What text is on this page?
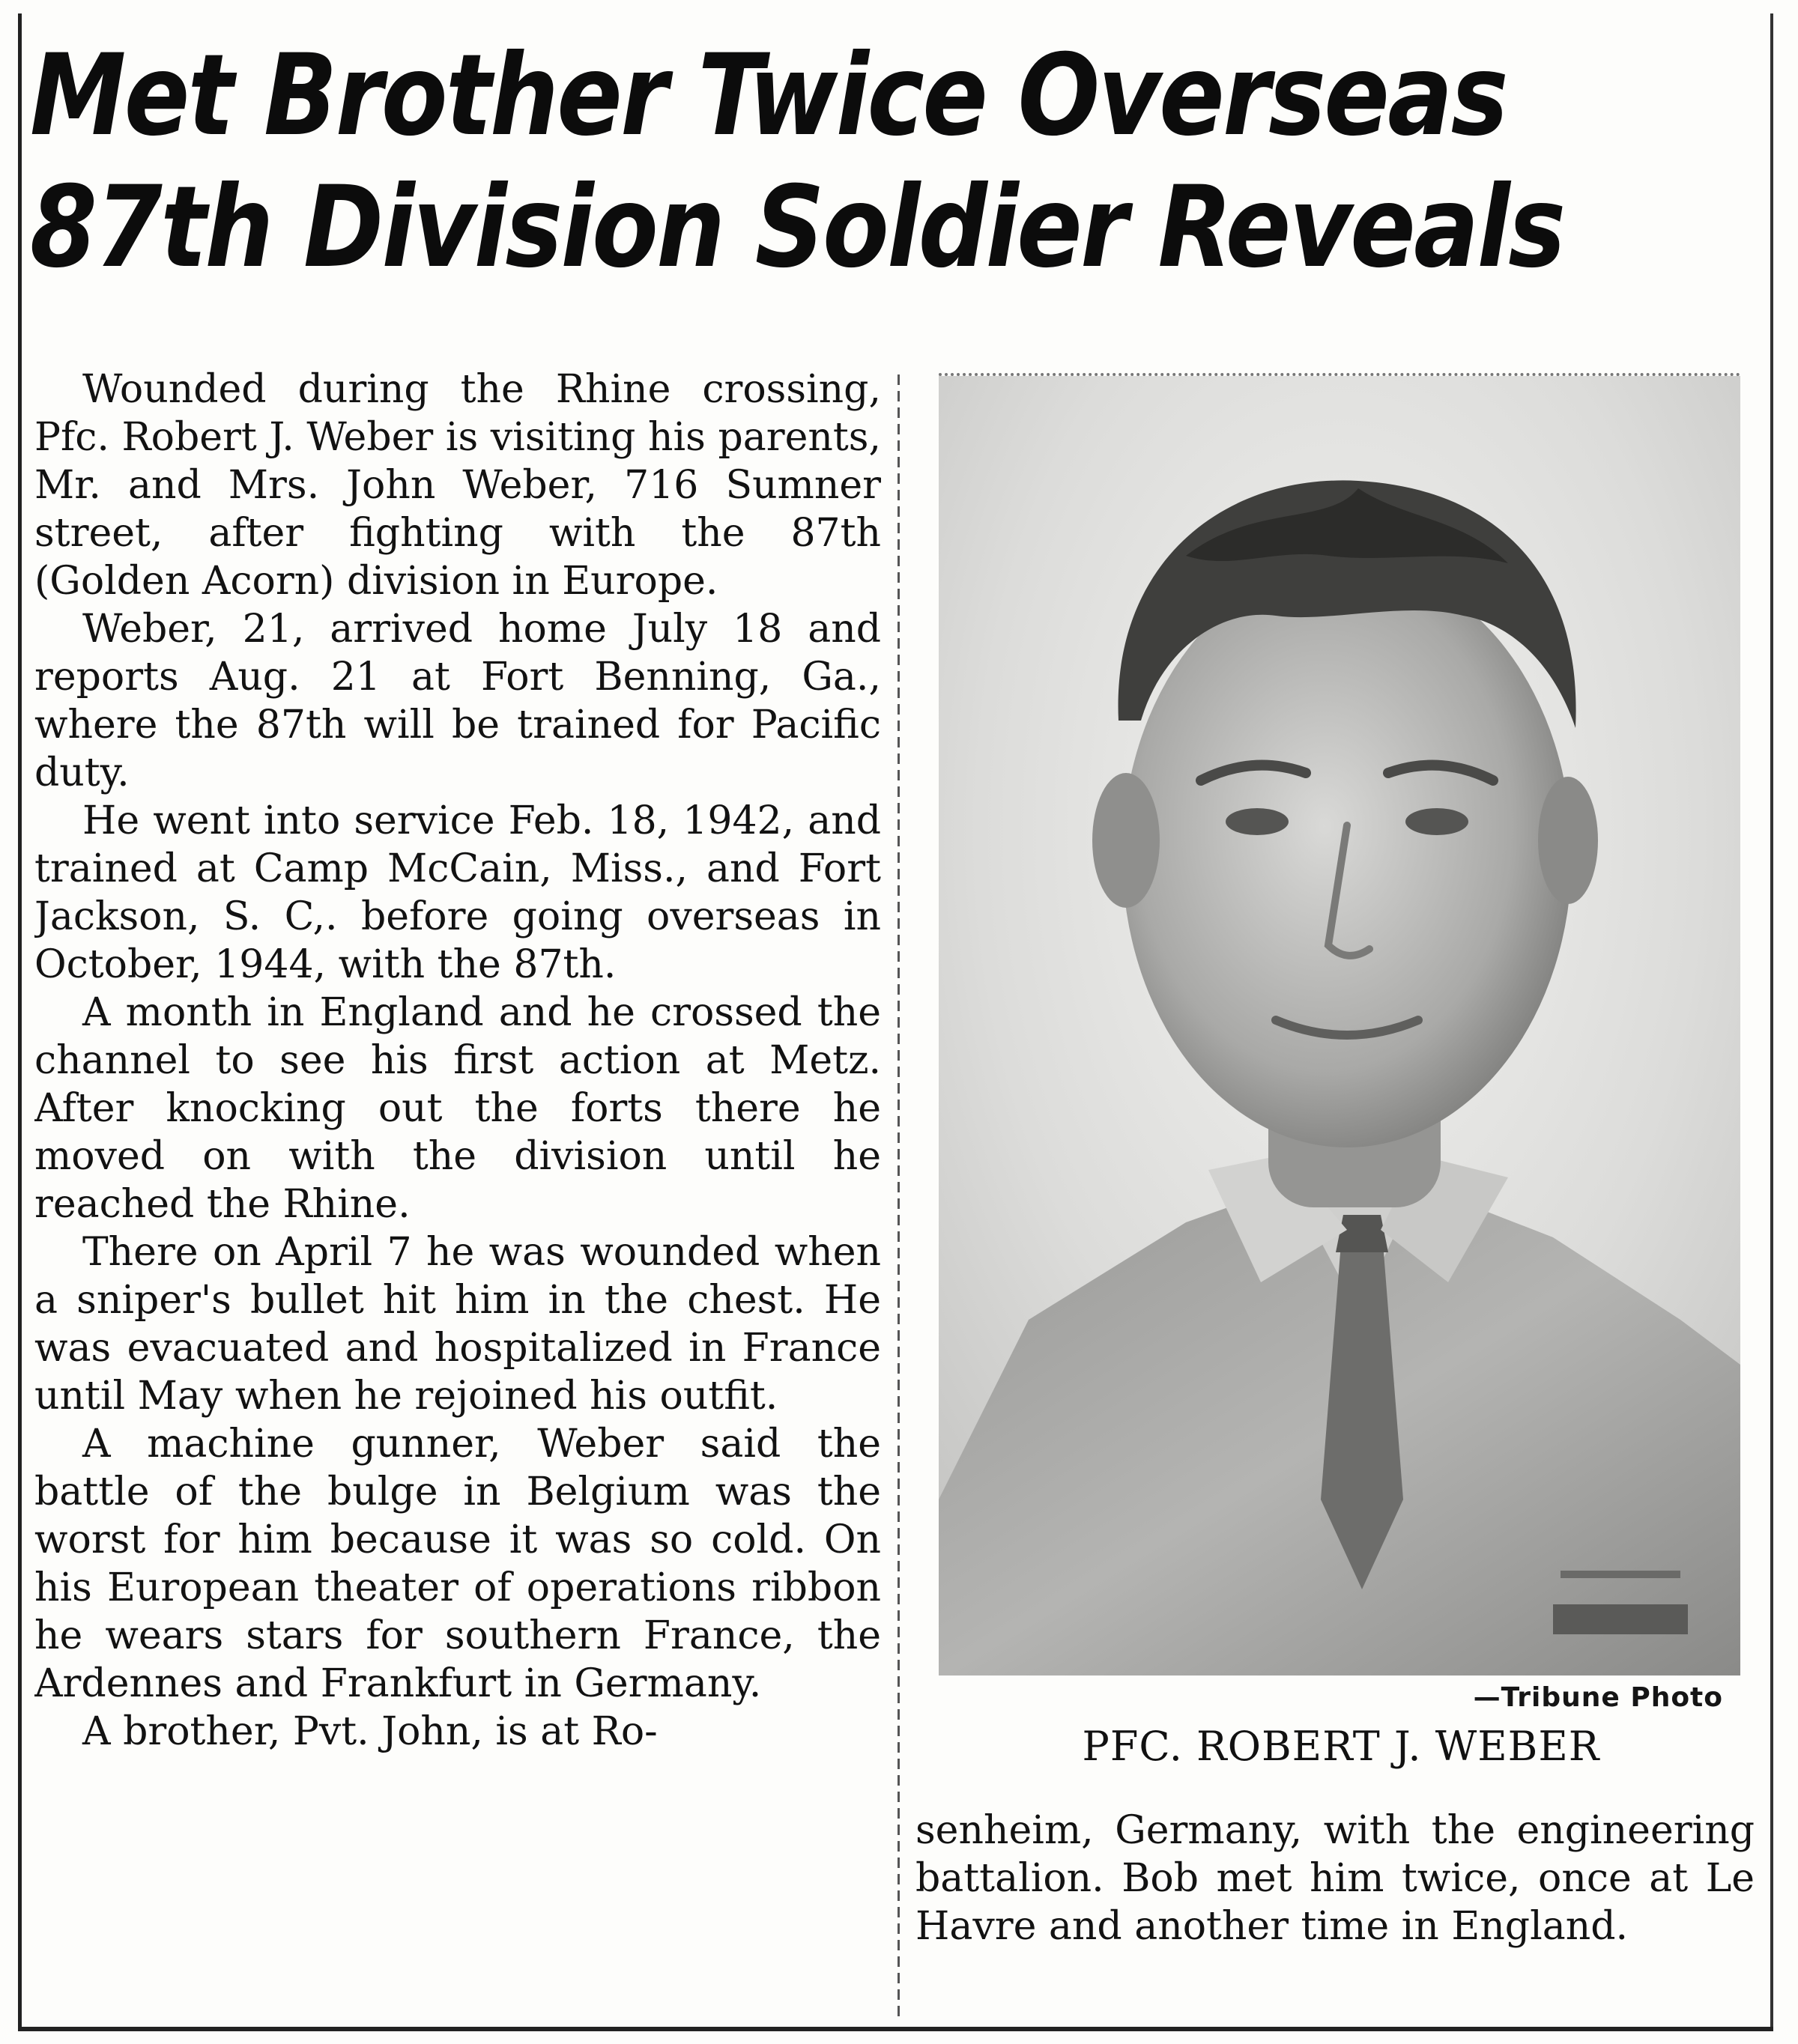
Met Brother Twice Overseas
87th Division Soldier Reveals

Wounded during the Rhine crossing, Pfc. Robert J. Weber is visiting his parents, Mr. and Mrs. John Weber, 716 Sumner street, after fighting with the 87th (Golden Acorn) division in Europe.

Weber, 21, arrived home July 18 and reports Aug. 21 at Fort Benning, Ga., where the 87th will be trained for Pacific duty.

He went into service Feb. 18, 1942, and trained at Camp McCain, Miss., and Fort Jackson, S. C,. before going overseas in October, 1944, with the 87th.

A month in England and he crossed the channel to see his first action at Metz. After knocking out the forts there he moved on with the division until he reached the Rhine.

There on April 7 he was wounded when a sniper's bullet hit him in the chest. He was evacuated and hospitalized in France until May when he rejoined his outfit.

A machine gunner, Weber said the battle of the bulge in Belgium was the worst for him because it was so cold. On his European theater of operations ribbon he wears stars for southern France, the Ardennes and Frankfurt in Germany.

A brother, Pvt. John, is at Ro-

—Tribune Photo
PFC. ROBERT J. WEBER

senheim, Germany, with the engineering battalion. Bob met him twice, once at Le Havre and another time in England.
